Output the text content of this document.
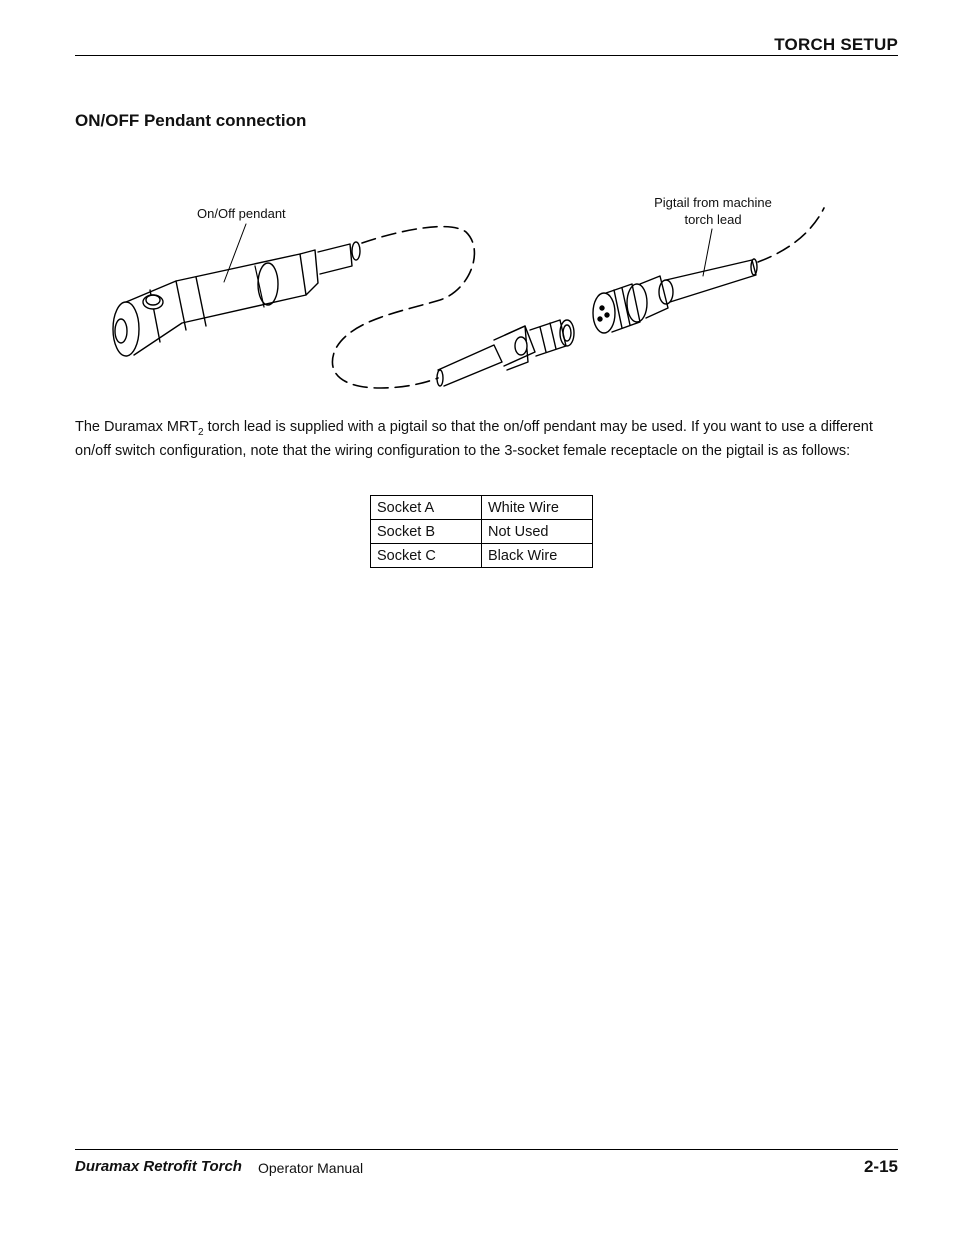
TORCH SETUP
ON/OFF Pendant connection
On/Off pendant
Pigtail from machine
torch lead
The Duramax $MRT_2$ torch lead is supplied with a pigtail so that the on/off pendant may be used. If you want to use a different on/off switch configuration, note that the wiring configuration to the 3-socket female receptacle on the pigtail is as follows:
Socket A	White Wire
Socket B	Not Used
Socket C	Black Wire
Duramax Retrofit Torch Operator Manual	2-15
